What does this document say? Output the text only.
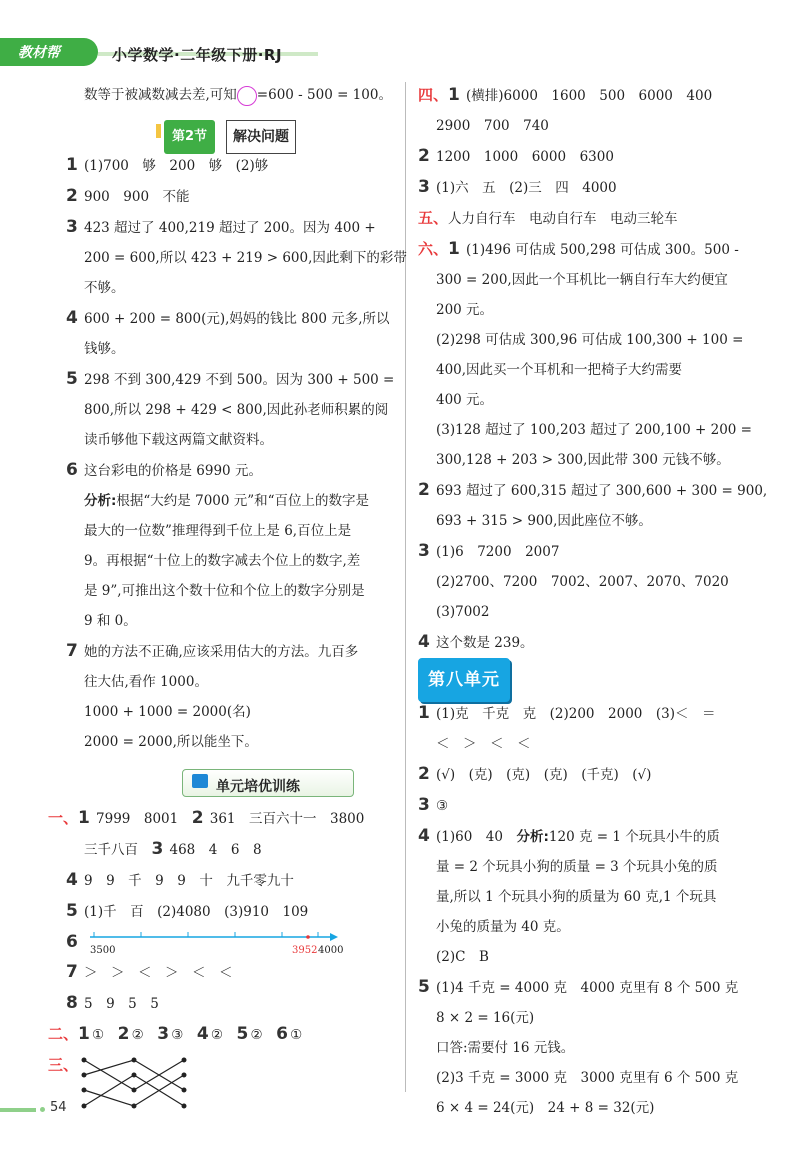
教材帮	小学数学·二年级下册·RJ
数等于被减数减去差,可知 =600 - 500 = 100。
第2节	解决问题
1 (1)700　够　200　够　(2)够
2 900　900　不能
3 423 超过了 400,219 超过了 200。因为 400 +
200 = 600,所以 423 + 219 > 600,因此剩下的彩带
不够。
4 600 + 200 = 800(元),妈妈的钱比 800 元多,所以
钱够。
5 298 不到 300,429 不到 500。因为 300 + 500 =
800,所以 298 + 429 < 800,因此孙老师积累的阅
读币够他下载这两篇文献资料。
6 这台彩电的价格是 6990 元。
分析:根据“大约是 7000 元”和“百位上的数字是
最大的一位数”推理得到千位上是 6,百位上是
9。再根据“十位上的数字减去个位上的数字,差
是 9”,可推出这个数十位和个位上的数字分别是
9 和 0。
7 她的方法不正确,应该采用估大的方法。九百多
往大估,看作 1000。
1000 + 1000 = 2000(名)
2000 = 2000,所以能坐下。
单元培优训练
一、1 7999　8001　 2 361　三百六十一　3800
三千八百　 3 468　4　6　8
4 9　9　千　9　9　十　九千零九十
5 (1)千　百　(2)4080　(3)910　109
6 3500	3952 4000
7 ＞　＞　＜　＞　＜　＜
8 5　9　5　5
二、1 ①　 2 ②　 3 ③　 4 ②　 5 ②　 6 ①
三、
四、1 (横排)6000　1600　500　6000　400
2900　700　740
2 1200　1000　6000　6300
3 (1)六　五　(2)三　四　4000
五、人力自行车　电动自行车　电动三轮车
六、1 (1)496 可估成 500,298 可估成 300。500 -
300 = 200,因此一个耳机比一辆自行车大约便宜
200 元。
(2)298 可估成 300,96 可估成 100,300 + 100 =
400,因此买一个耳机和一把椅子大约需要
400 元。
(3)128 超过了 100,203 超过了 200,100 + 200 =
300,128 + 203 > 300,因此带 300 元钱不够。
2 693 超过了 600,315 超过了 300,600 + 300 = 900,
693 + 315 > 900,因此座位不够。
3 (1)6　7200　2007
(2)2700、7200　7002、2007、2070、7020
(3)7002
4 这个数是 239。
第八单元
1 (1)克　千克　克　(2)200　2000　(3)＜　＝
＜　＞　＜　＜
2 (√)　(克)　(克)　(克)　(千克)　(√)
3 ③
4 (1)60　40　分析:120 克 = 1 个玩具小牛的质
量 = 2 个玩具小狗的质量 = 3 个玩具小兔的质
量,所以 1 个玩具小狗的质量为 60 克,1 个玩具
小兔的质量为 40 克。
(2)C　B
5 (1)4 千克 = 4000 克　4000 克里有 8 个 500 克
8 × 2 = 16(元)
口答:需要付 16 元钱。
(2)3 千克 = 3000 克　3000 克里有 6 个 500 克
6 × 4 = 24(元)　24 + 8 = 32(元)
54
